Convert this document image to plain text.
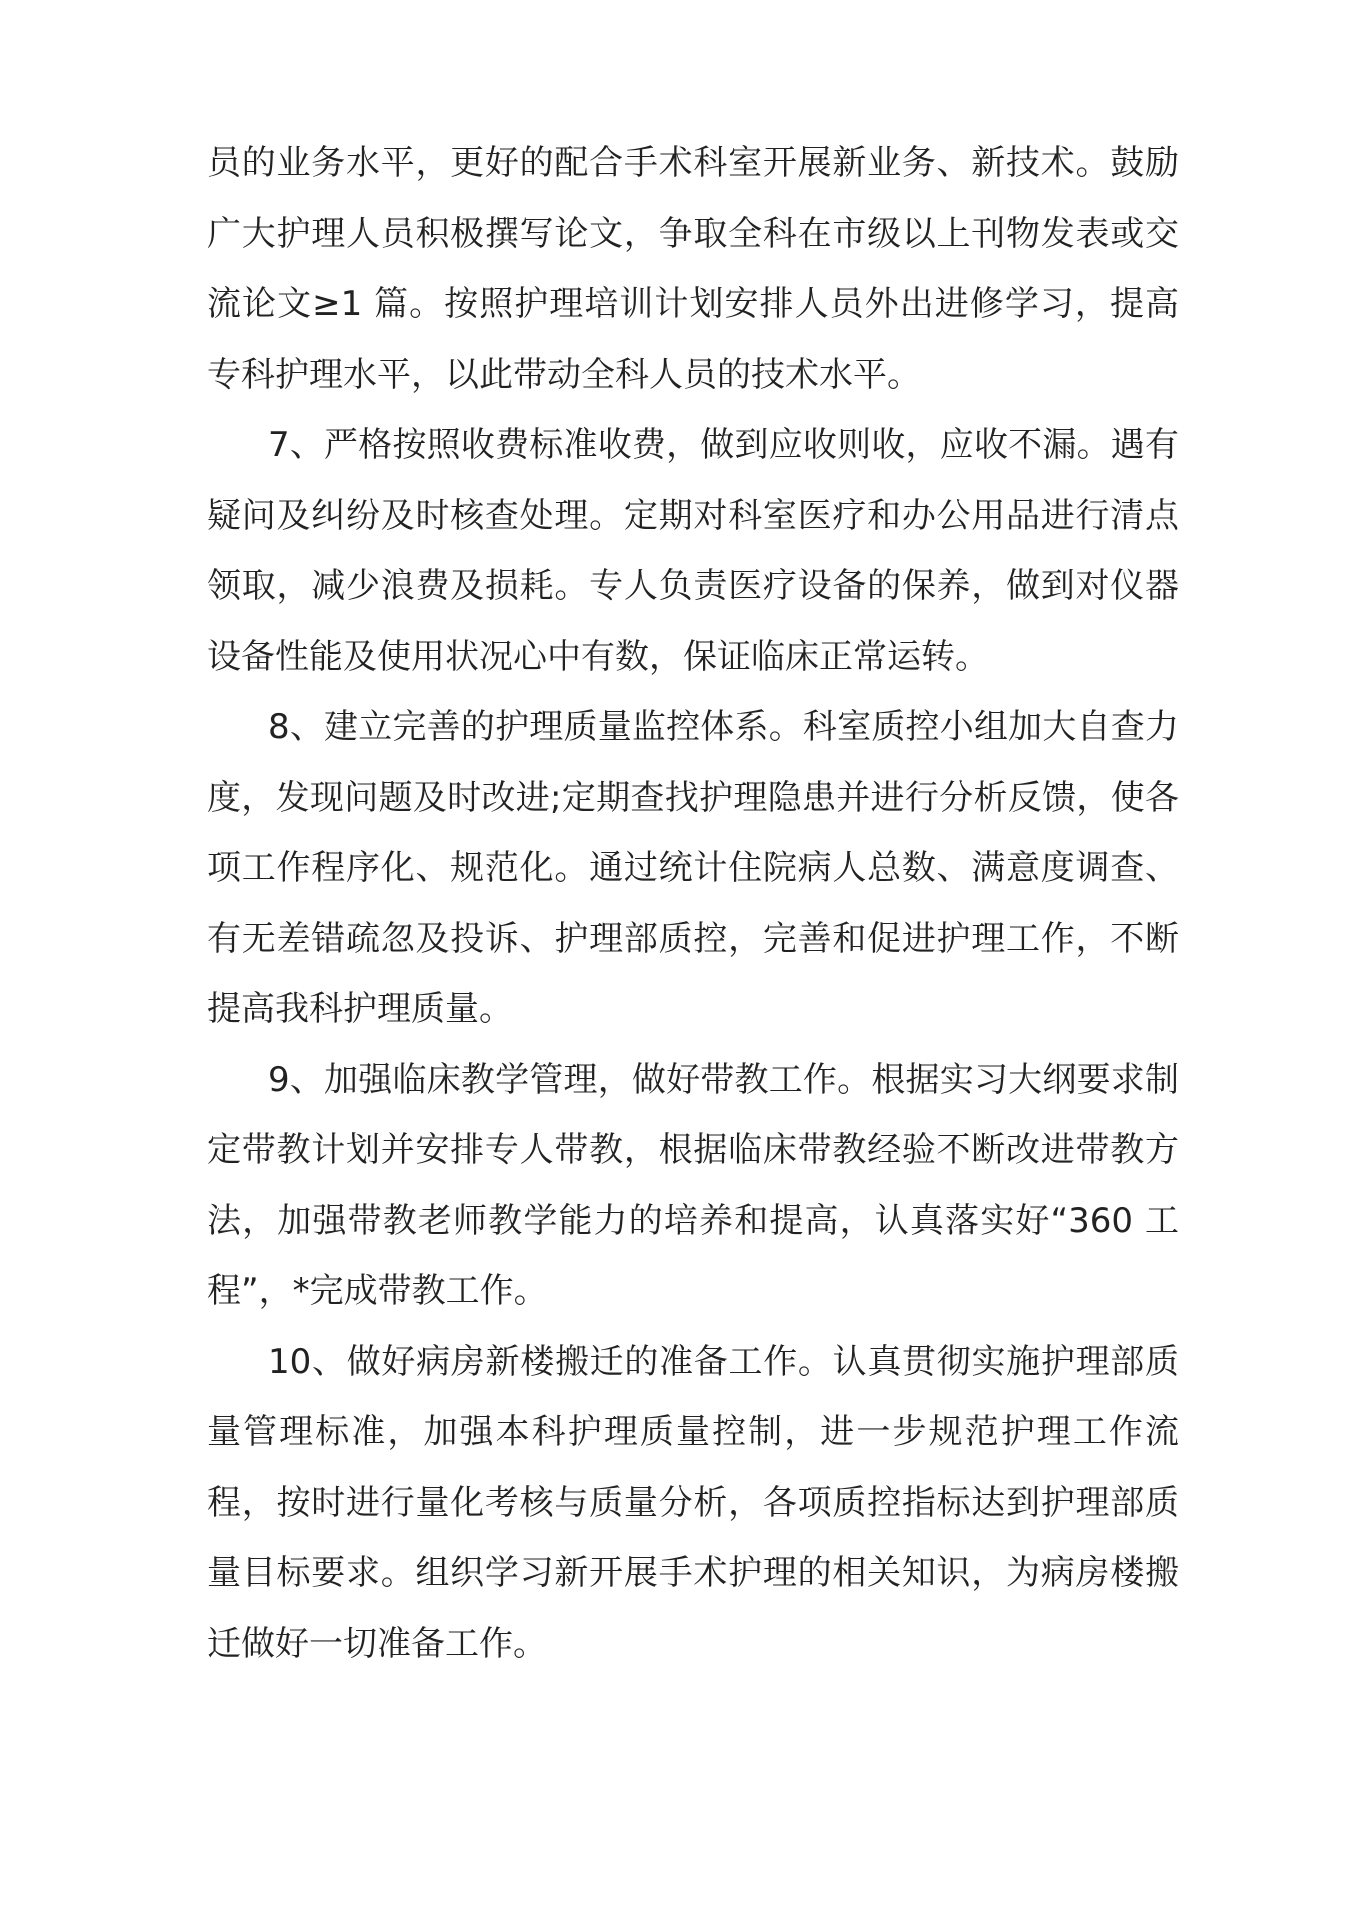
员的业务水平，更好的配合手术科室开展新业务、新技术。鼓励广大护理人员积极撰写论文，争取全科在市级以上刊物发表或交流论文≥1 篇。按照护理培训计划安排人员外出进修学习，提高专科护理水平，以此带动全科人员的技术水平。

7、严格按照收费标准收费，做到应收则收，应收不漏。遇有疑问及纠纷及时核查处理。定期对科室医疗和办公用品进行清点领取，减少浪费及损耗。专人负责医疗设备的保养，做到对仪器设备性能及使用状况心中有数，保证临床正常运转。

8、建立完善的护理质量监控体系。科室质控小组加大自查力度，发现问题及时改进;定期查找护理隐患并进行分析反馈，使各项工作程序化、规范化。通过统计住院病人总数、满意度调查、有无差错疏忽及投诉、护理部质控，完善和促进护理工作，不断提高我科护理质量。

9、加强临床教学管理，做好带教工作。根据实习大纲要求制定带教计划并安排专人带教，根据临床带教经验不断改进带教方法，加强带教老师教学能力的培养和提高，认真落实好“360 工程”，*完成带教工作。

10、做好病房新楼搬迁的准备工作。认真贯彻实施护理部质量管理标准，加强本科护理质量控制，进一步规范护理工作流程，按时进行量化考核与质量分析，各项质控指标达到护理部质量目标要求。组织学习新开展手术护理的相关知识，为病房楼搬迁做好一切准备工作。
